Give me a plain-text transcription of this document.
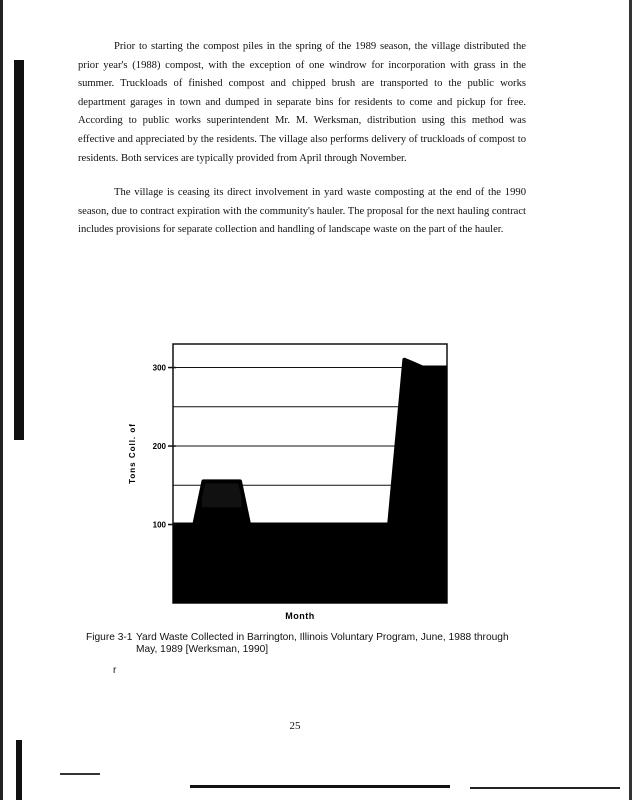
Prior to starting the compost piles in the spring of the 1989 season, the village distributed the prior year's (1988) compost, with the exception of one windrow for incorporation with grass in the summer. Truckloads of finished compost and chipped brush are transported to the public works department garages in town and dumped in separate bins for residents to come and pickup for free. According to public works superintendent Mr. M. Werksman, distribution using this method was effective and appreciated by the residents. The village also performs delivery of truckloads of compost to residents. Both services are typically provided from April through November.

The village is ceasing its direct involvement in yard waste composting at the end of the 1990 season, due to contract expiration with the community's hauler. The proposal for the next hauling contract includes provisions for separate collection and handling of landscape waste on the part of the hauler.

100
200
300
Tons Coll. of
Month
Figure 3-1 Yard Waste Collected in Barrington, Illinois Voluntary Program, June, 1988 through May, 1989 [Werksman, 1990]
r
25
